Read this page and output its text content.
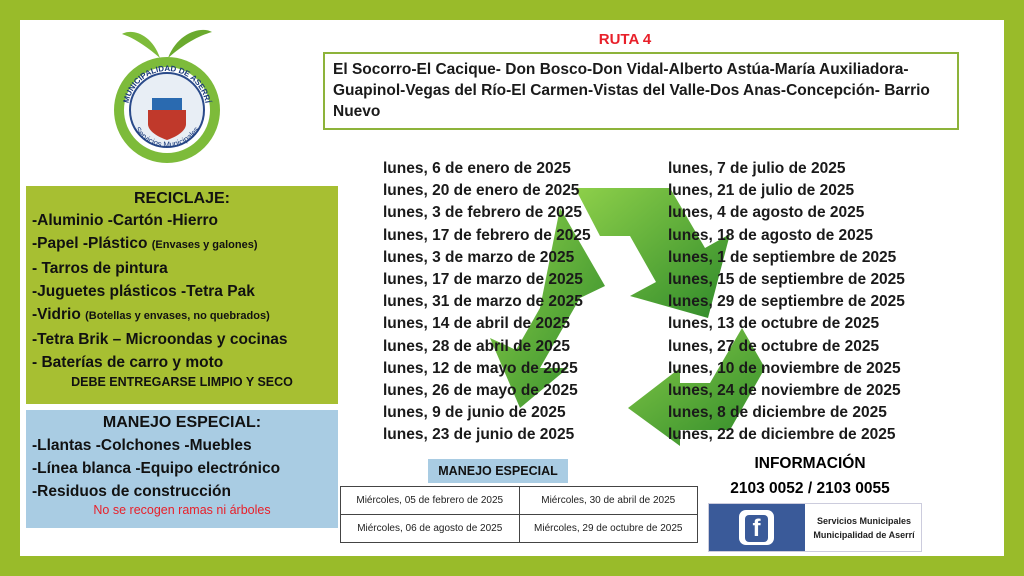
MUNICIPALIDAD DE ASERRÍ
Servicios Municipales
RUTA 4
El Socorro-El Cacique- Don Bosco-Don Vidal-Alberto Astúa-María Auxiliadora-Guapinol-Vegas del Río-El Carmen-Vistas del Valle-Dos Anas-Concepción- Barrio Nuevo
RECICLAJE:
-Aluminio -Cartón -Hierro
-Papel -Plástico (Envases y galones)
- Tarros de pintura
-Juguetes plásticos -Tetra Pak
-Vidrio (Botellas y envases, no quebrados)
-Tetra Brik – Microondas y cocinas
- Baterías de carro y moto
DEBE ENTREGARSE LIMPIO Y SECO
MANEJO ESPECIAL:
-Llantas -Colchones -Muebles
-Línea blanca -Equipo electrónico
-Residuos de construcción
No se recogen ramas ni árboles
lunes, 6 de enero de 2025
lunes, 20 de enero de 2025
lunes, 3 de febrero de 2025
lunes, 17 de febrero de 2025
lunes, 3 de marzo de 2025
lunes, 17 de marzo de 2025
lunes, 31 de marzo de 2025
lunes, 14 de abril de 2025
lunes, 28 de abril de 2025
lunes, 12 de mayo de 2025
lunes, 26 de mayo de 2025
lunes, 9 de junio de 2025
lunes, 23 de junio de 2025
lunes, 7 de julio de 2025
lunes, 21 de julio de 2025
lunes, 4 de agosto de 2025
lunes, 18 de agosto de 2025
lunes, 1 de septiembre de 2025
lunes, 15 de septiembre de 2025
lunes, 29 de septiembre de 2025
lunes, 13 de octubre de 2025
lunes, 27 de octubre de 2025
lunes, 10 de noviembre de 2025
lunes, 24 de noviembre de 2025
lunes, 8 de diciembre de 2025
lunes, 22 de diciembre de 2025
MANEJO ESPECIAL
Miércoles, 05 de febrero de 2025	Miércoles, 30 de abril de 2025
Miércoles, 06 de agosto de 2025	Miércoles, 29 de octubre de 2025
INFORMACIÓN
2103 0052 / 2103 0055
f	Servicios Municipales
Municipalidad de Aserrí
